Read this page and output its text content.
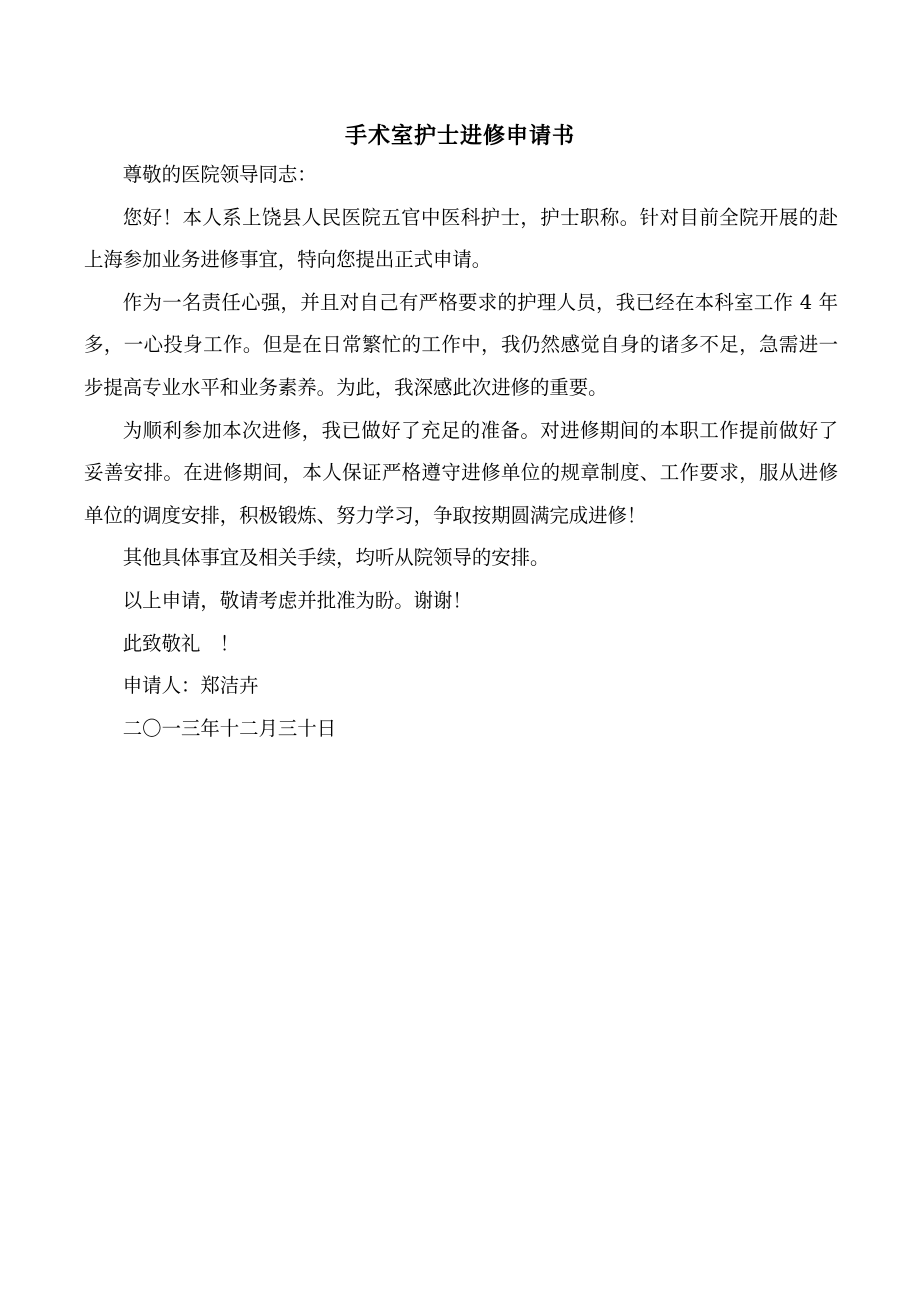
手术室护士进修申请书

尊敬的医院领导同志：

您好！本人系上饶县人民医院五官中医科护士，护士职称。针对目前全院开展的赴上海参加业务进修事宜，特向您提出正式申请。

作为一名责任心强，并且对自己有严格要求的护理人员，我已经在本科室工作 4 年多，一心投身工作。但是在日常繁忙的工作中，我仍然感觉自身的诸多不足，急需进一步提高专业水平和业务素养。为此，我深感此次进修的重要。

为顺利参加本次进修，我已做好了充足的准备。对进修期间的本职工作提前做好了妥善安排。在进修期间，本人保证严格遵守进修单位的规章制度、工作要求，服从进修单位的调度安排，积极锻炼、努力学习，争取按期圆满完成进修！

其他具体事宜及相关手续，均听从院领导的安排。

以上申请，敬请考虑并批准为盼。谢谢！

此致敬礼　！

申请人：郑洁卉

二〇一三年十二月三十日
